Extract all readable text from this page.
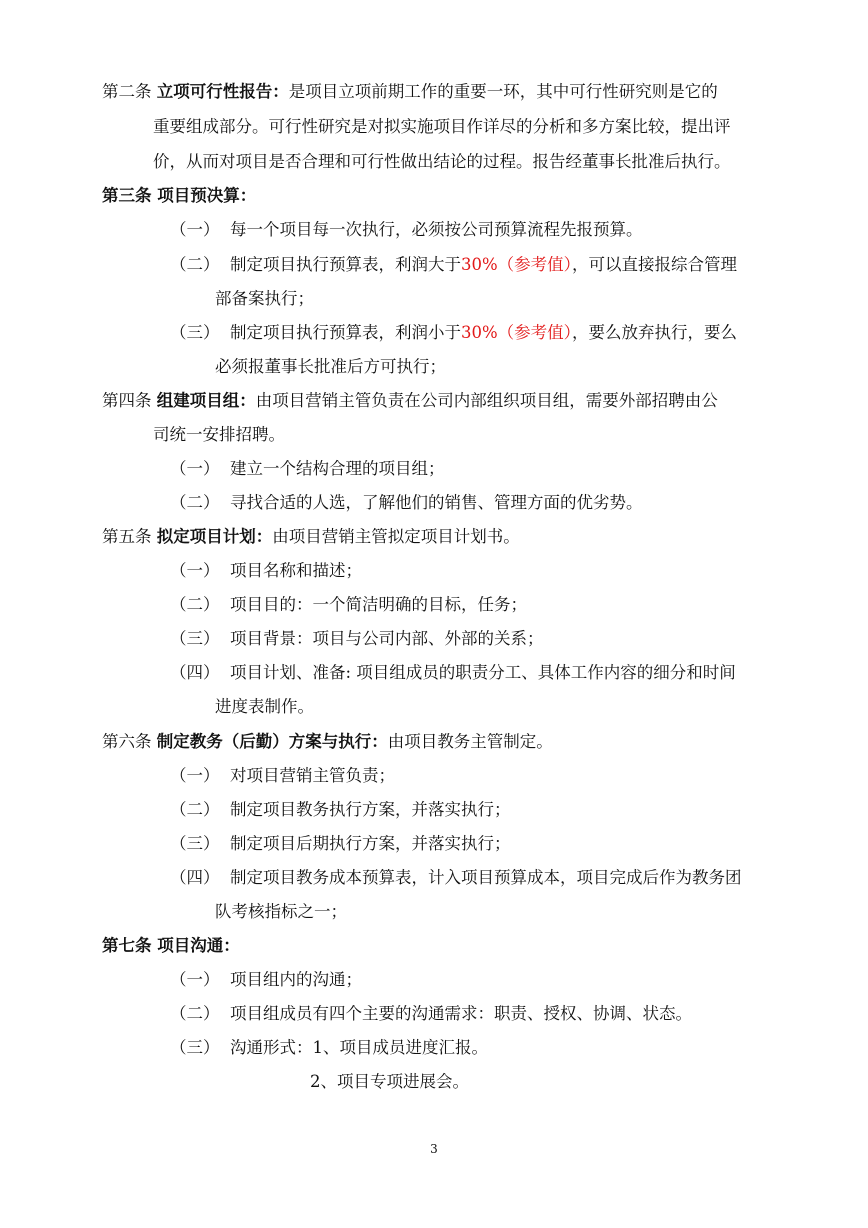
第二条 立项可行性报告：是项目立项前期工作的重要一环，其中可行性研究则是它的
重要组成部分。可行性研究是对拟实施项目作详尽的分析和多方案比较，提出评
价，从而对项目是否合理和可行性做出结论的过程。报告经董事长批准后执行。
第三条 项目预决算：
（一） 每一个项目每一次执行，必须按公司预算流程先报预算。
（二） 制定项目执行预算表，利润大于30%（参考值），可以直接报综合管理
部备案执行；
（三） 制定项目执行预算表，利润小于30%（参考值），要么放弃执行，要么
必须报董事长批准后方可执行；
第四条 组建项目组：由项目营销主管负责在公司内部组织项目组，需要外部招聘由公
司统一安排招聘。
（一） 建立一个结构合理的项目组；
（二） 寻找合适的人选，了解他们的销售、管理方面的优劣势。
第五条 拟定项目计划：由项目营销主管拟定项目计划书。
（一） 项目名称和描述；
（二） 项目目的：一个简洁明确的目标，任务；
（三） 项目背景：项目与公司内部、外部的关系；
（四） 项目计划、准备: 项目组成员的职责分工、具体工作内容的细分和时间
进度表制作。
第六条 制定教务（后勤）方案与执行：由项目教务主管制定。
（一） 对项目营销主管负责；
（二） 制定项目教务执行方案，并落实执行；
（三） 制定项目后期执行方案，并落实执行；
（四） 制定项目教务成本预算表，计入项目预算成本，项目完成后作为教务团
队考核指标之一；
第七条 项目沟通：
（一） 项目组内的沟通；
（二） 项目组成员有四个主要的沟通需求：职责、授权、协调、状态。
（三） 沟通形式：1、项目成员进度汇报。
2、项目专项进展会。
3
